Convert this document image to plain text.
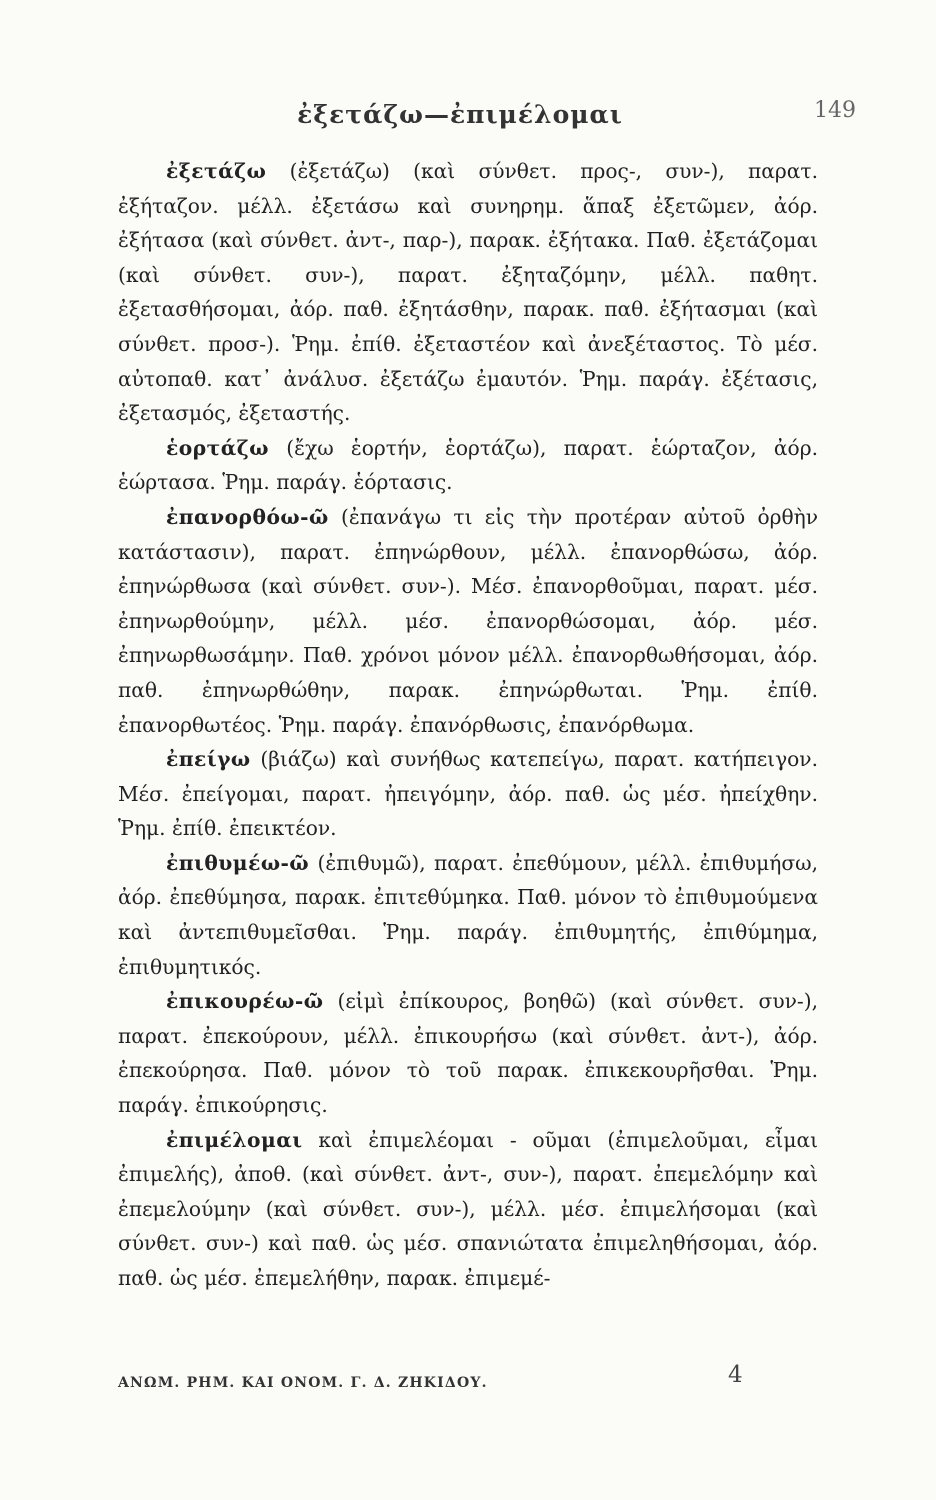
ἐξετάζω—ἐπιμέλομαι	149

ἐξετάζω (ἐξετάζω) (καὶ σύνθετ. προς-, συν-), παρατ. ἐξήταζον. μέλλ. ἐξετάσω καὶ συνηρημ. ἅπαξ ἐξετῶμεν, ἀόρ. ἐξήτασα (καὶ σύνθετ. ἀντ-, παρ-), παρακ. ἐξήτακα. Παθ. ἐξετάζομαι (καὶ σύνθετ. συν-), παρατ. ἐξηταζόμην, μέλλ. παθητ. ἐξετασθήσομαι, ἀόρ. παθ. ἐξητάσθην, παρακ. παθ. ἐξήτασμαι (καὶ σύνθετ. προσ-). Ῥημ. ἐπίθ. ἐξεταστέον καὶ ἀνεξέταστος. Τὸ μέσ. αὐτοπαθ. κατ᾽ ἀνάλυσ. ἐξετάζω ἐμαυτόν. Ῥημ. παράγ. ἐξέτασις, ἐξετασμός, ἐξεταστής.

ἑορτάζω (ἔχω ἑορτήν, ἑορτάζω), παρατ. ἑώρταζον, ἀόρ. ἑώρτασα. Ῥημ. παράγ. ἑόρτασις.

ἐπανορθόω-ῶ (ἐπανάγω τι εἰς τὴν προτέραν αὐτοῦ ὀρθὴν κατάστασιν), παρατ. ἐπηνώρθουν, μέλλ. ἐπανορθώσω, ἀόρ. ἐπηνώρθωσα (καὶ σύνθετ. συν-). Μέσ. ἐπανορθοῦμαι, παρατ. μέσ. ἐπηνωρθούμην, μέλλ. μέσ. ἐπανορθώσομαι, ἀόρ. μέσ. ἐπηνωρθωσάμην. Παθ. χρόνοι μόνον μέλλ. ἐπανορθωθήσομαι, ἀόρ. παθ. ἐπηνωρθώθην, παρακ. ἐπηνώρθωται. Ῥημ. ἐπίθ. ἐπανορθωτέος. Ῥημ. παράγ. ἐπανόρθωσις, ἐπανόρθωμα.

ἐπείγω (βιάζω) καὶ συνήθως κατεπείγω, παρατ. κατήπειγον. Μέσ. ἐπείγομαι, παρατ. ἠπειγόμην, ἀόρ. παθ. ὡς μέσ. ἠπείχθην. Ῥημ. ἐπίθ. ἐπεικτέον.

ἐπιθυμέω-ῶ (ἐπιθυμῶ), παρατ. ἐπεθύμουν, μέλλ. ἐπιθυμήσω, ἀόρ. ἐπεθύμησα, παρακ. ἐπιτεθύμηκα. Παθ. μόνον τὸ ἐπιθυμούμενα καὶ ἀντεπιθυμεῖσθαι. Ῥημ. παράγ. ἐπιθυμητής, ἐπιθύμημα, ἐπιθυμητικός.

ἐπικουρέω-ῶ (εἰμὶ ἐπίκουρος, βοηθῶ) (καὶ σύνθετ. συν-), παρατ. ἐπεκούρουν, μέλλ. ἐπικουρήσω (καὶ σύνθετ. ἀντ-), ἀόρ. ἐπεκούρησα. Παθ. μόνον τὸ τοῦ παρακ. ἐπικεκουρῆσθαι. Ῥημ. παράγ. ἐπικούρησις.

ἐπιμέλομαι καὶ ἐπιμελέομαι - οῦμαι (ἐπιμελοῦμαι, εἶμαι ἐπιμελής), ἀποθ. (καὶ σύνθετ. ἀντ-, συν-), παρατ. ἐπεμελόμην καὶ ἐπεμελούμην (καὶ σύνθετ. συν-), μέλλ. μέσ. ἐπιμελήσομαι (καὶ σύνθετ. συν-) καὶ παθ. ὡς μέσ. σπανιώτατα ἐπιμεληθήσομαι, ἀόρ. παθ. ὡς μέσ. ἐπεμελήθην, παρακ. ἐπιμεμέ-

ΑΝΩΜ. ΡΗΜ. ΚΑΙ ΟΝΟΜ. Γ. Δ. ΖΗΚΙΔΟΥ.	4
